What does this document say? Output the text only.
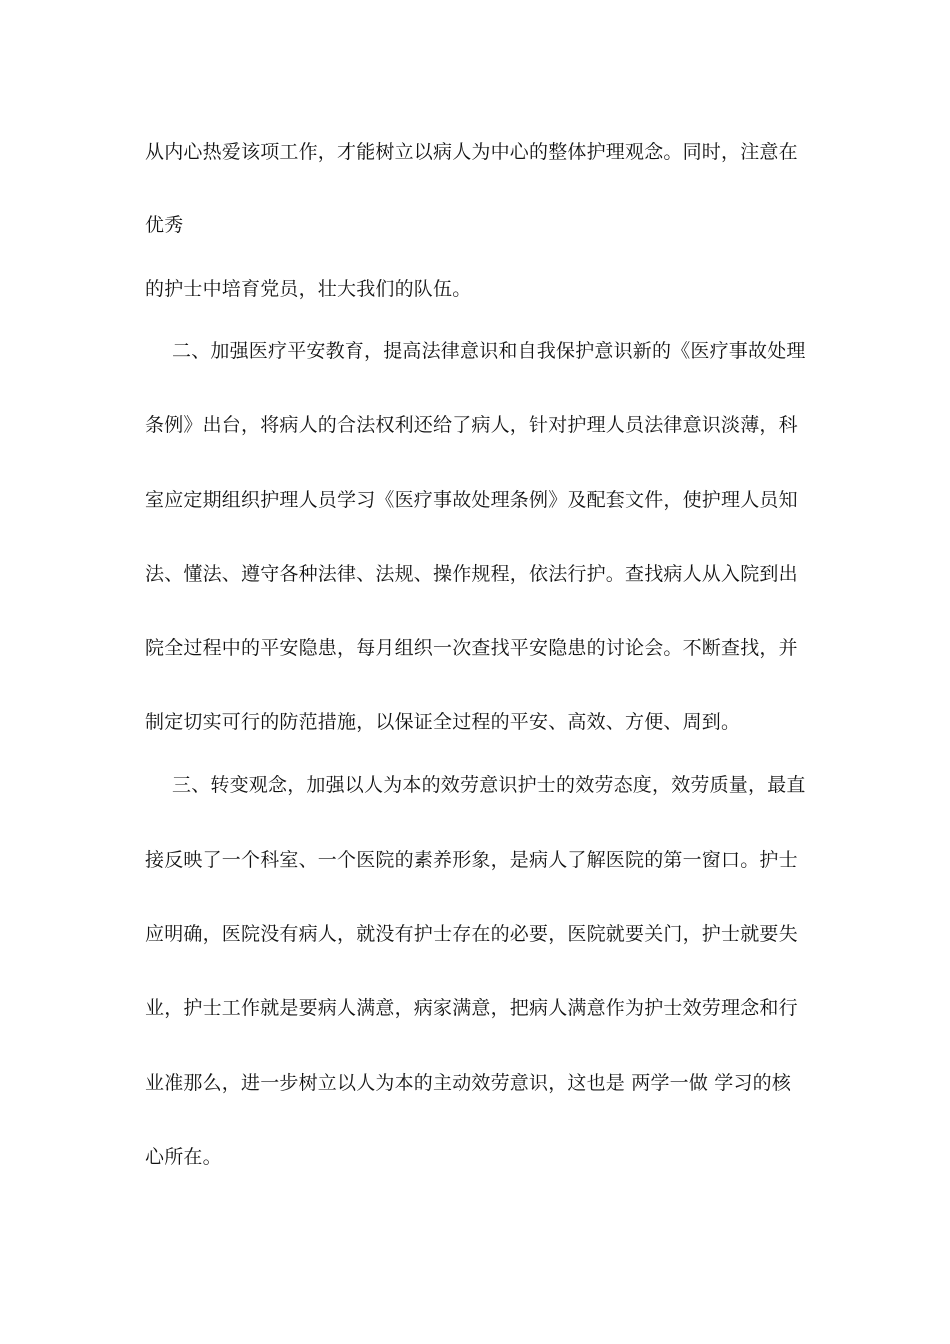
从内心热爱该项工作，才能树立以病人为中心的整体护理观念。同时，注意在
优秀
的护士中培育党员，壮大我们的队伍。
二、加强医疗平安教育，提高法律意识和自我保护意识新的《医疗事故处理
条例》出台，将病人的合法权利还给了病人，针对护理人员法律意识淡薄，科
室应定期组织护理人员学习《医疗事故处理条例》及配套文件，使护理人员知
法、懂法、遵守各种法律、法规、操作规程，依法行护。查找病人从入院到出
院全过程中的平安隐患，每月组织一次查找平安隐患的讨论会。不断查找，并
制定切实可行的防范措施，以保证全过程的平安、高效、方便、周到。
三、转变观念，加强以人为本的效劳意识护士的效劳态度，效劳质量，最直
接反映了一个科室、一个医院的素养形象，是病人了解医院的第一窗口。护士
应明确，医院没有病人，就没有护士存在的必要，医院就要关门，护士就要失
业，护士工作就是要病人满意，病家满意，把病人满意作为护士效劳理念和行
业准那么，进一步树立以人为本的主动效劳意识，这也是 两学一做 学习的核
心所在。
